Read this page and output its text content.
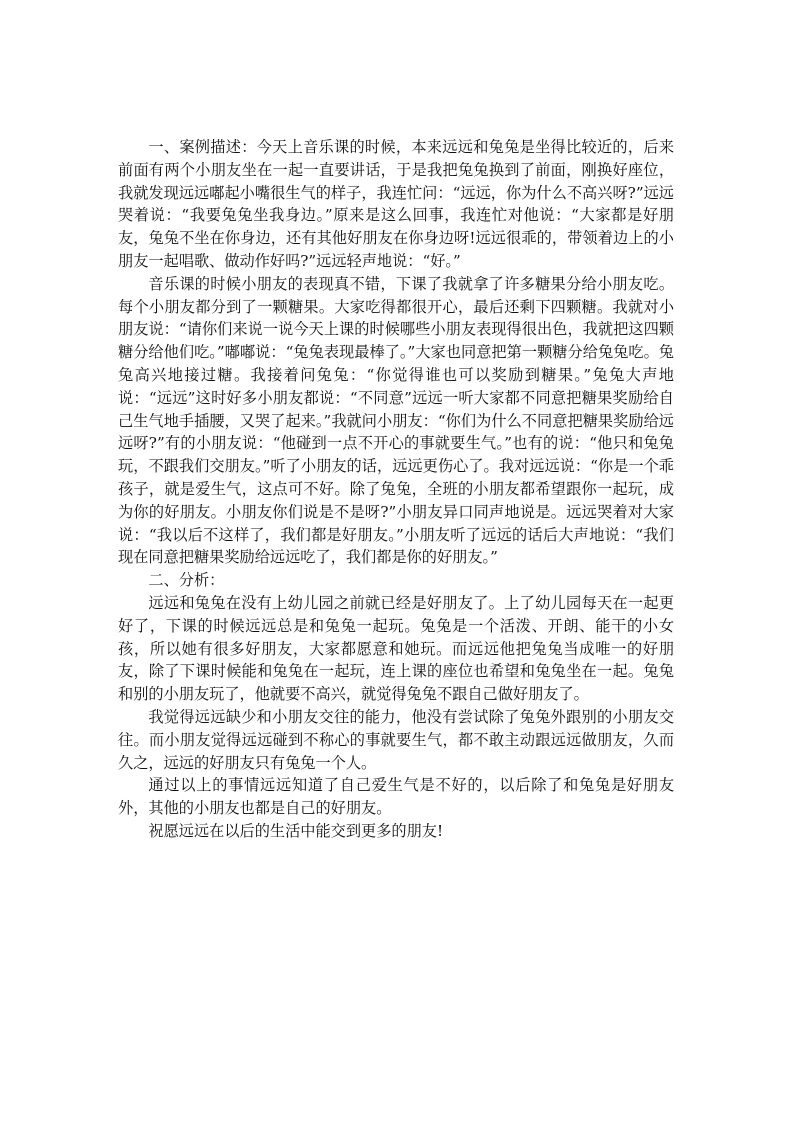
一、案例描述：今天上音乐课的时候，本来远远和兔兔是坐得比较近的，后来前面有两个小朋友坐在一起一直要讲话，于是我把兔兔换到了前面，刚换好座位，我就发现远远嘟起小嘴很生气的样子，我连忙问：“远远，你为什么不高兴呀?”远远哭着说：“我要兔兔坐我身边。”原来是这么回事，我连忙对他说：“大家都是好朋友，兔兔不坐在你身边，还有其他好朋友在你身边呀!远远很乖的，带领着边上的小朋友一起唱歌、做动作好吗?”远远轻声地说：“好。”

音乐课的时候小朋友的表现真不错，下课了我就拿了许多糖果分给小朋友吃。每个小朋友都分到了一颗糖果。大家吃得都很开心，最后还剩下四颗糖。我就对小朋友说：“请你们来说一说今天上课的时候哪些小朋友表现得很出色，我就把这四颗糖分给他们吃。”嘟嘟说：“兔兔表现最棒了。”大家也同意把第一颗糖分给兔兔吃。兔兔高兴地接过糖。我接着问兔兔：“你觉得谁也可以奖励到糖果。”兔兔大声地说：“远远”这时好多小朋友都说：“不同意”远远一听大家都不同意把糖果奖励给自己生气地手插腰，又哭了起来。”我就问小朋友：“你们为什么不同意把糖果奖励给远远呀?”有的小朋友说：“他碰到一点不开心的事就要生气。”也有的说：“他只和兔兔玩，不跟我们交朋友。”听了小朋友的话，远远更伤心了。我对远远说：“你是一个乖孩子，就是爱生气，这点可不好。除了兔兔，全班的小朋友都希望跟你一起玩，成为你的好朋友。小朋友你们说是不是呀?”小朋友异口同声地说是。远远哭着对大家说：“我以后不这样了，我们都是好朋友。”小朋友听了远远的话后大声地说：“我们现在同意把糖果奖励给远远吃了，我们都是你的好朋友。”

二、分析：

远远和兔兔在没有上幼儿园之前就已经是好朋友了。上了幼儿园每天在一起更好了，下课的时候远远总是和兔兔一起玩。兔兔是一个活泼、开朗、能干的小女孩，所以她有很多好朋友，大家都愿意和她玩。而远远他把兔兔当成唯一的好朋友，除了下课时候能和兔兔在一起玩，连上课的座位也希望和兔兔坐在一起。兔兔和别的小朋友玩了，他就要不高兴，就觉得兔兔不跟自己做好朋友了。

我觉得远远缺少和小朋友交往的能力，他没有尝试除了兔兔外跟别的小朋友交往。而小朋友觉得远远碰到不称心的事就要生气，都不敢主动跟远远做朋友，久而久之，远远的好朋友只有兔兔一个人。

通过以上的事情远远知道了自己爱生气是不好的，以后除了和兔兔是好朋友外，其他的小朋友也都是自己的好朋友。

祝愿远远在以后的生活中能交到更多的朋友!
